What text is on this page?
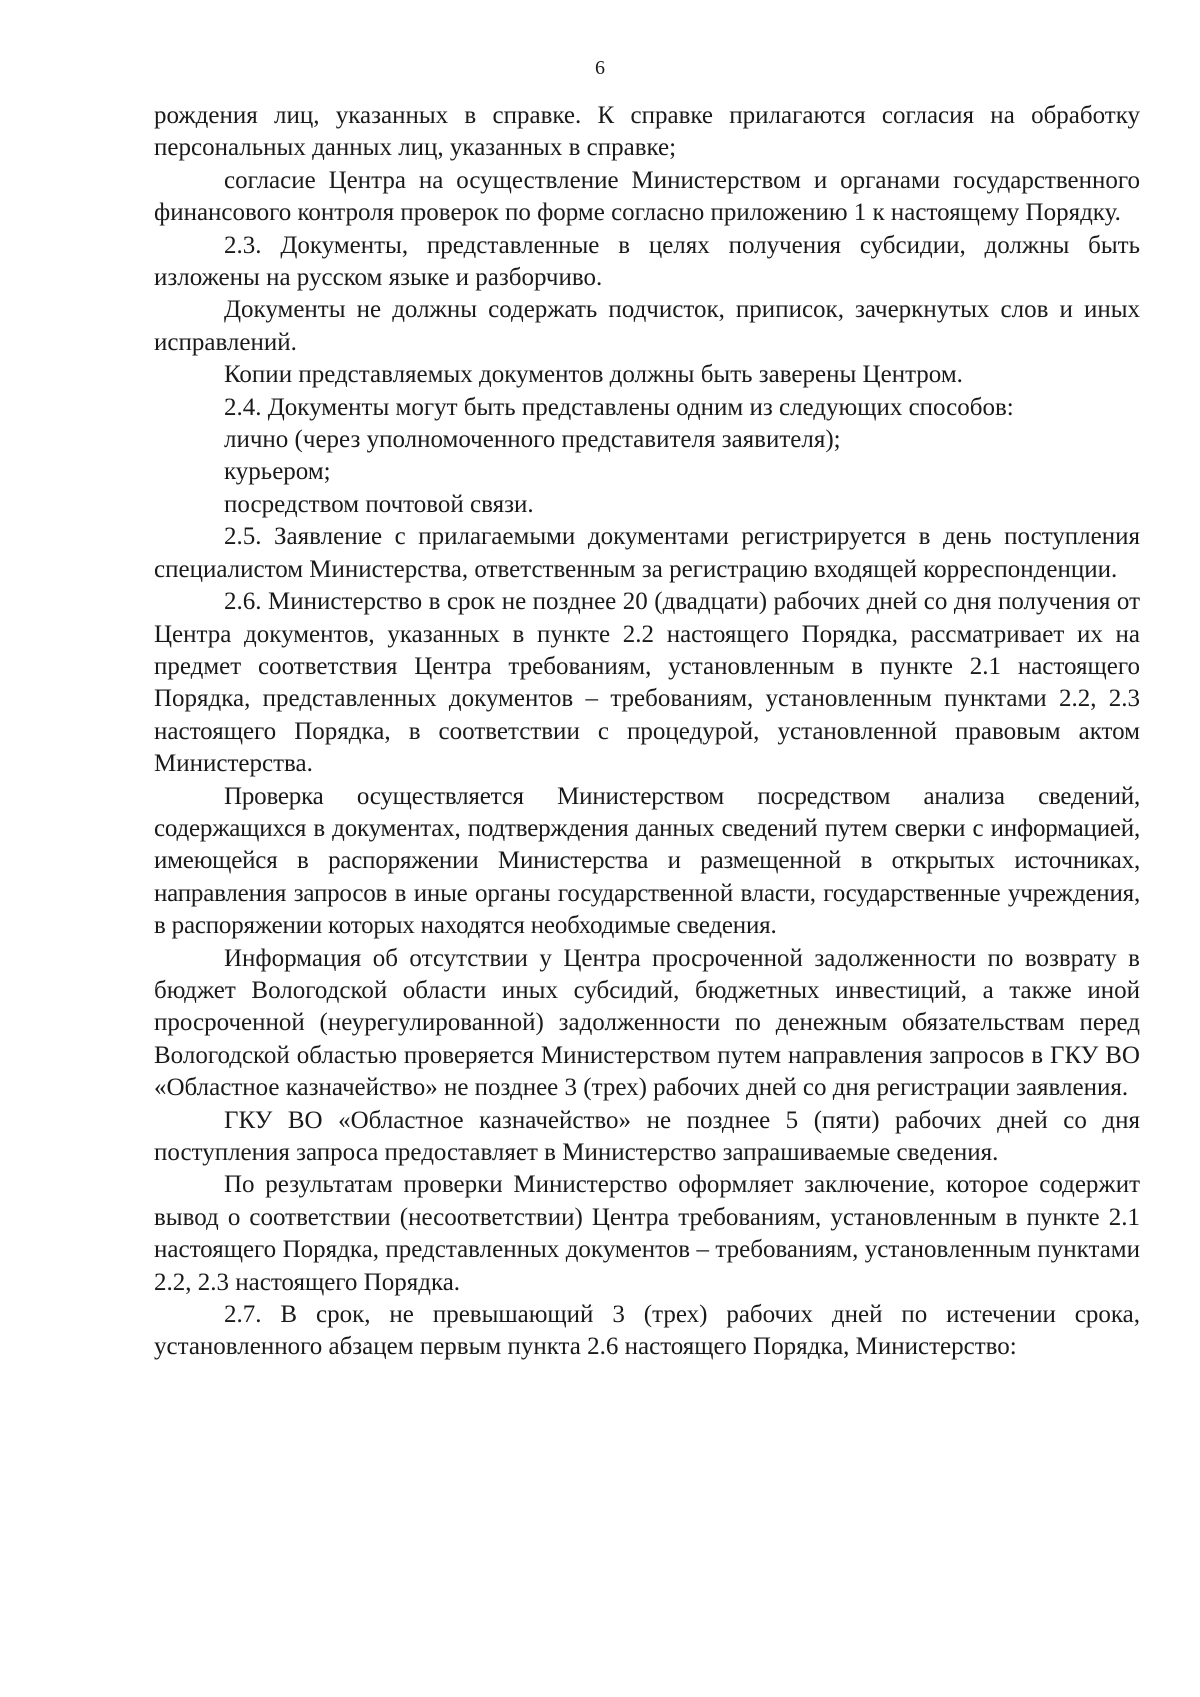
6

рождения лиц, указанных в справке. К справке прилагаются согласия на обработку персональных данных лиц, указанных в справке;

согласие Центра на осуществление Министерством и органами государственного финансового контроля проверок по форме согласно приложению 1 к настоящему Порядку.

2.3. Документы, представленные в целях получения субсидии, должны быть изложены на русском языке и разборчиво.

Документы не должны содержать подчисток, приписок, зачеркнутых слов и иных исправлений.

Копии представляемых документов должны быть заверены Центром.

2.4. Документы могут быть представлены одним из следующих способов:

лично (через уполномоченного представителя заявителя);

курьером;

посредством почтовой связи.

2.5. Заявление с прилагаемыми документами регистрируется в день поступления специалистом Министерства, ответственным за регистрацию входящей корреспонденции.

2.6. Министерство в срок не позднее 20 (двадцати) рабочих дней со дня получения от Центра документов, указанных в пункте 2.2 настоящего Порядка, рассматривает их на предмет соответствия Центра требованиям, установленным в пункте 2.1 настоящего Порядка, представленных документов – требованиям, установленным пунктами 2.2, 2.3 настоящего Порядка, в соответствии с процедурой, установленной правовым актом Министерства.

Проверка осуществляется Министерством посредством анализа сведений, содержащихся в документах, подтверждения данных сведений путем сверки с информацией, имеющейся в распоряжении Министерства и размещенной в открытых источниках, направления запросов в иные органы государственной власти, государственные учреждения, в распоряжении которых находятся необходимые сведения.

Информация об отсутствии у Центра просроченной задолженности по возврату в бюджет Вологодской области иных субсидий, бюджетных инвестиций, а также иной просроченной (неурегулированной) задолженности по денежным обязательствам перед Вологодской областью проверяется Министерством путем направления запросов в ГКУ ВО «Областное казначейство» не позднее 3 (трех) рабочих дней со дня регистрации заявления.

ГКУ ВО «Областное казначейство» не позднее 5 (пяти) рабочих дней со дня поступления запроса предоставляет в Министерство запрашиваемые сведения.

По результатам проверки Министерство оформляет заключение, которое содержит вывод о соответствии (несоответствии) Центра требованиям, установленным в пункте 2.1 настоящего Порядка, представленных документов – требованиям, установленным пунктами 2.2, 2.3 настоящего Порядка.

2.7. В срок, не превышающий 3 (трех) рабочих дней по истечении срока, установленного абзацем первым пункта 2.6 настоящего Порядка, Министерство:
